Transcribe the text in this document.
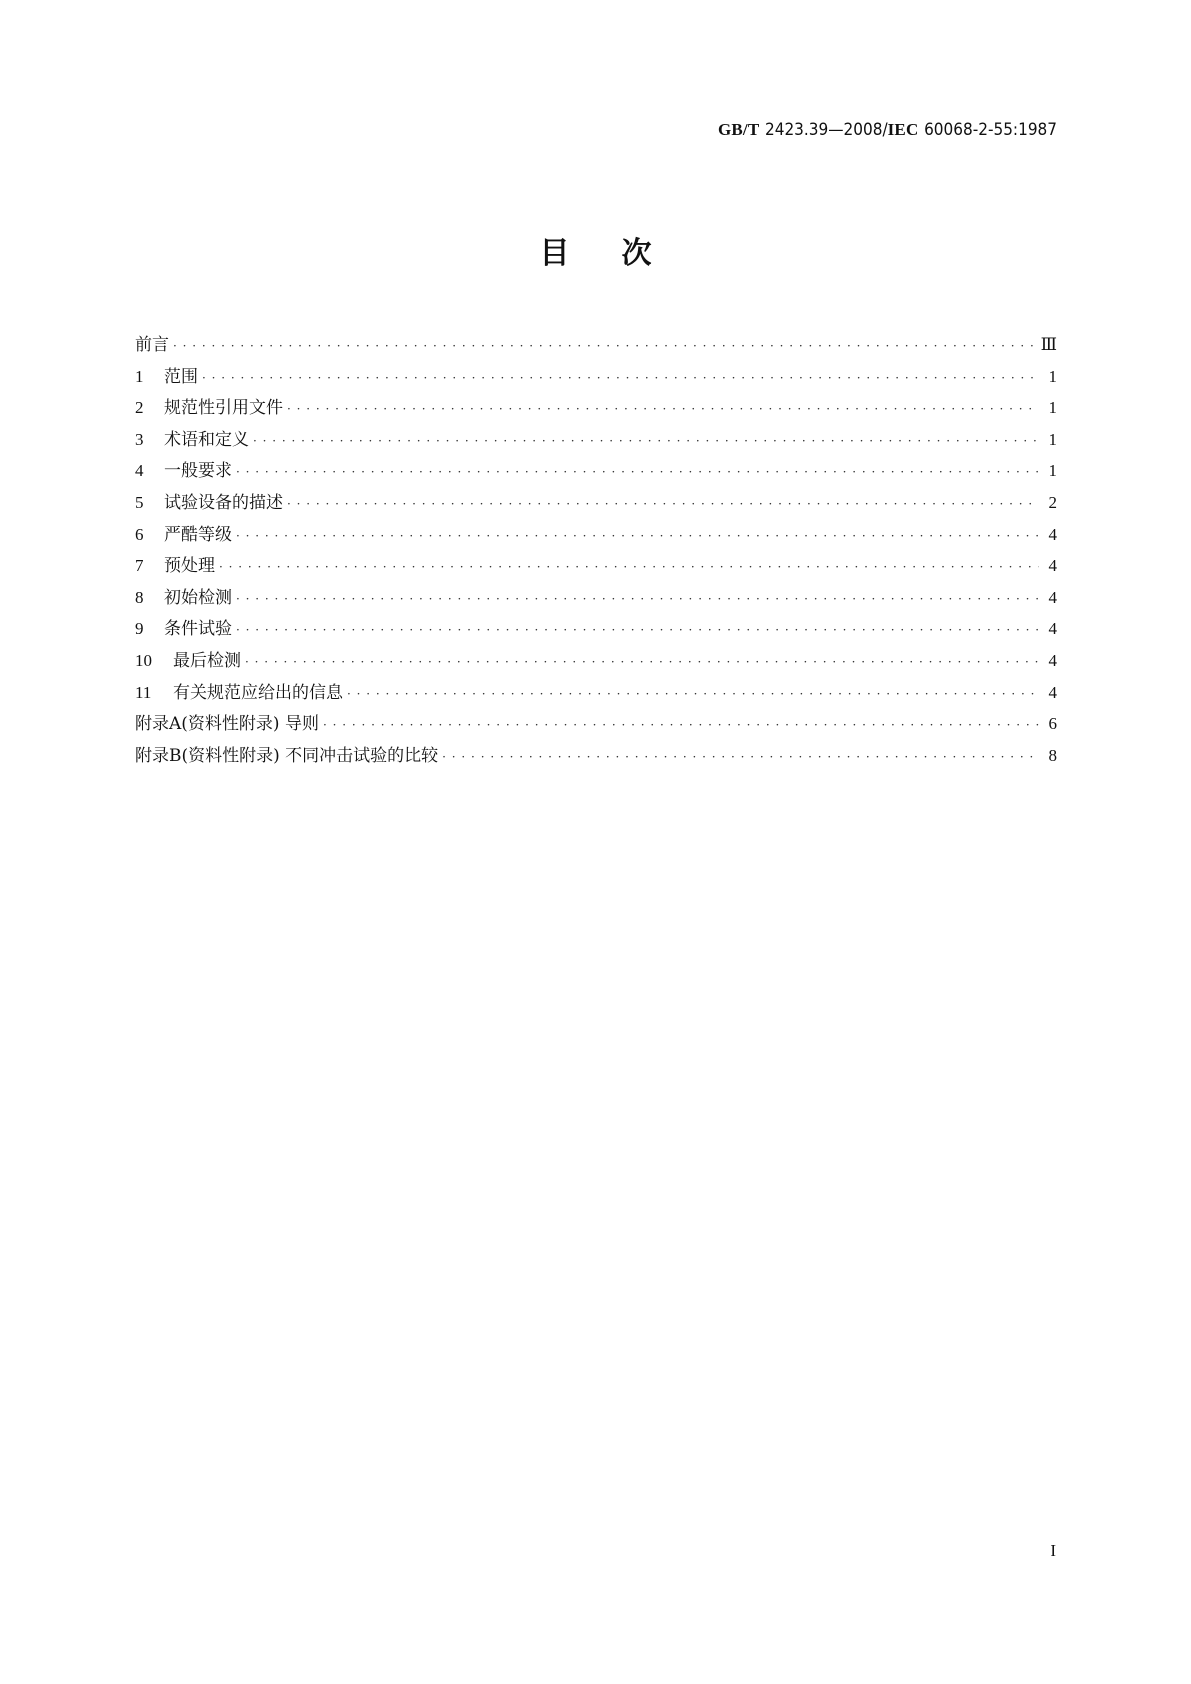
GB/T 2423.39—2008/IEC 60068-2-55:1987
目次
前言 · · ·	Ⅲ
1 范围 · · ·	1
2 规范性引用文件 · · ·	1
3 术语和定义 · · ·	1
4 一般要求 · · ·	1
5 试验设备的描述 · · ·	2
6 严酷等级 · · ·	4
7 预处理 · · ·	4
8 初始检测 · · ·	4
9 条件试验 · · ·	4
10 最后检测 · · ·	4
11 有关规范应给出的信息 · · ·	4
附录A(资料性附录) 导则 · · ·	6
附录B(资料性附录) 不同冲击试验的比较 · · ·	8
I
